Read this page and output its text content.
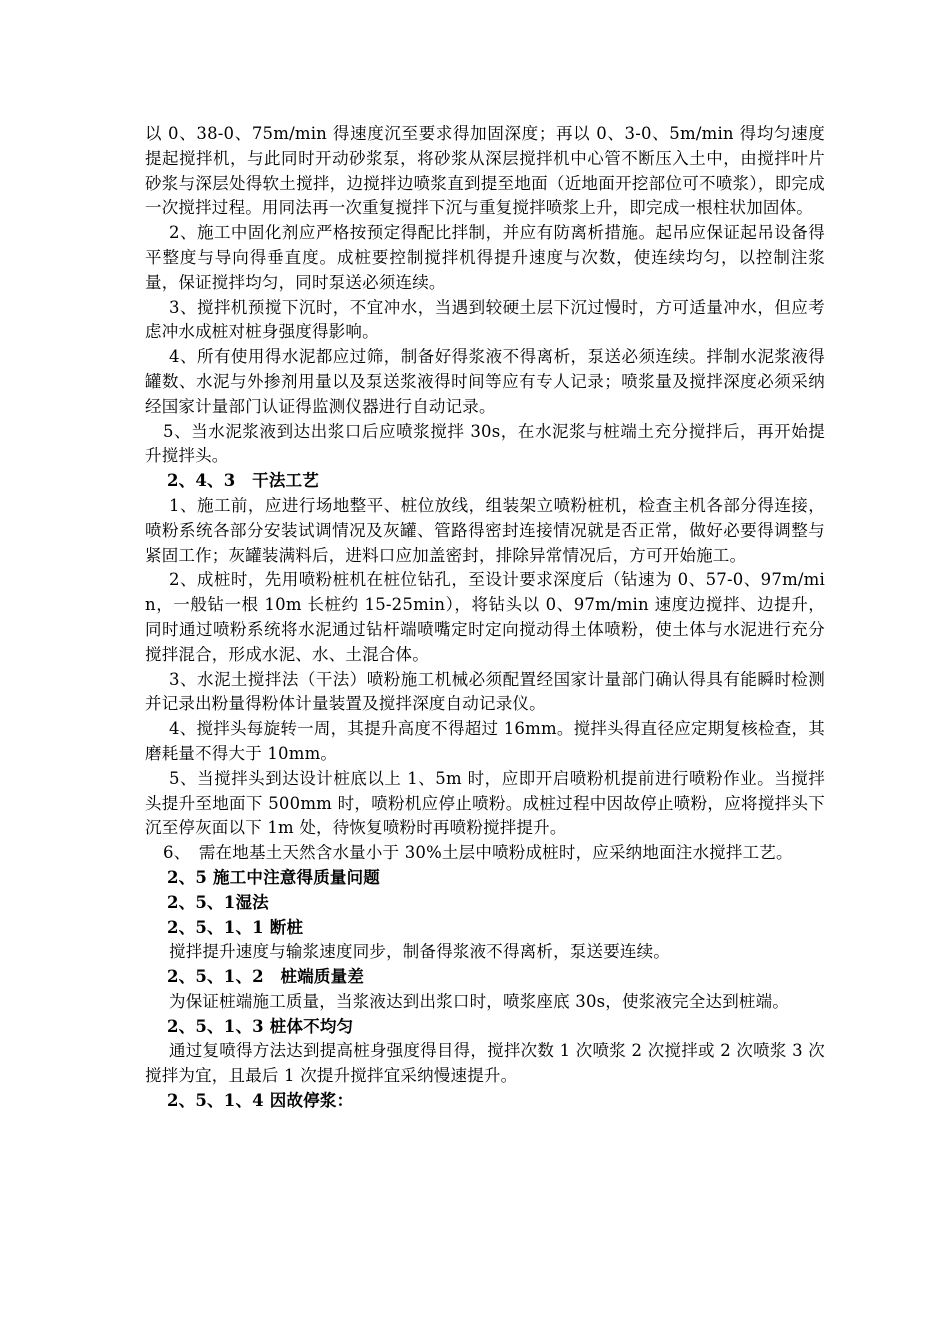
以 0、38-0、75m/min 得速度沉至要求得加固深度；再以 0、3-0、5m/min 得均匀速度提起搅拌机，与此同时开动砂浆泵，将砂浆从深层搅拌机中心管不断压入土中，由搅拌叶片砂浆与深层处得软土搅拌，边搅拌边喷浆直到提至地面（近地面开挖部位可不喷浆），即完成一次搅拌过程。用同法再一次重复搅拌下沉与重复搅拌喷浆上升，即完成一根柱状加固体。

2、施工中固化剂应严格按预定得配比拌制，并应有防离析措施。起吊应保证起吊设备得平整度与导向得垂直度。成桩要控制搅拌机得提升速度与次数，使连续均匀，以控制注浆量，保证搅拌均匀，同时泵送必须连续。

3、搅拌机预搅下沉时，不宜冲水，当遇到较硬土层下沉过慢时，方可适量冲水，但应考虑冲水成桩对桩身强度得影响。

4、所有使用得水泥都应过筛，制备好得浆液不得离析，泵送必须连续。拌制水泥浆液得罐数、水泥与外掺剂用量以及泵送浆液得时间等应有专人记录；喷浆量及搅拌深度必须采纳经国家计量部门认证得监测仪器进行自动记录。

5、当水泥浆液到达出浆口后应喷浆搅拌 30s，在水泥浆与桩端土充分搅拌后，再开始提升搅拌头。

2、4、3　干法工艺

1、施工前，应进行场地整平、桩位放线，组装架立喷粉桩机，检查主机各部分得连接，喷粉系统各部分安装试调情况及灰罐、管路得密封连接情况就是否正常，做好必要得调整与紧固工作；灰罐装满料后，进料口应加盖密封，排除异常情况后，方可开始施工。

2、成桩时，先用喷粉桩机在桩位钻孔，至设计要求深度后（钻速为 0、57-0、97m/min，一般钻一根 10m 长桩约 15-25min），将钻头以 0、97m/min 速度边搅拌、边提升，同时通过喷粉系统将水泥通过钻杆端喷嘴定时定向搅动得土体喷粉，使土体与水泥进行充分搅拌混合，形成水泥、水、土混合体。

3、水泥土搅拌法（干法）喷粉施工机械必须配置经国家计量部门确认得具有能瞬时检测并记录出粉量得粉体计量装置及搅拌深度自动记录仪。

4、搅拌头每旋转一周，其提升高度不得超过 16mm。搅拌头得直径应定期复核检查，其磨耗量不得大于 10mm。

5、当搅拌头到达设计桩底以上 1、5m 时，应即开启喷粉机提前进行喷粉作业。当搅拌头提升至地面下 500mm 时，喷粉机应停止喷粉。成桩过程中因故停止喷粉，应将搅拌头下沉至停灰面以下 1m 处，待恢复喷粉时再喷粉搅拌提升。

6、　需在地基土天然含水量小于 30%土层中喷粉成桩时，应采纳地面注水搅拌工艺。

2、5 施工中注意得质量问题

2、5、1湿法

2、5、1、1 断桩

搅拌提升速度与输浆速度同步，制备得浆液不得离析，泵送要连续。

2、5、1、2　桩端质量差

为保证桩端施工质量，当浆液达到出浆口时，喷浆座底 30s，使浆液完全达到桩端。

2、5、1、3 桩体不均匀

通过复喷得方法达到提高桩身强度得目得，搅拌次数 1 次喷浆 2 次搅拌或 2 次喷浆 3 次搅拌为宜，且最后 1 次提升搅拌宜采纳慢速提升。

2、5、1、4 因故停浆：
